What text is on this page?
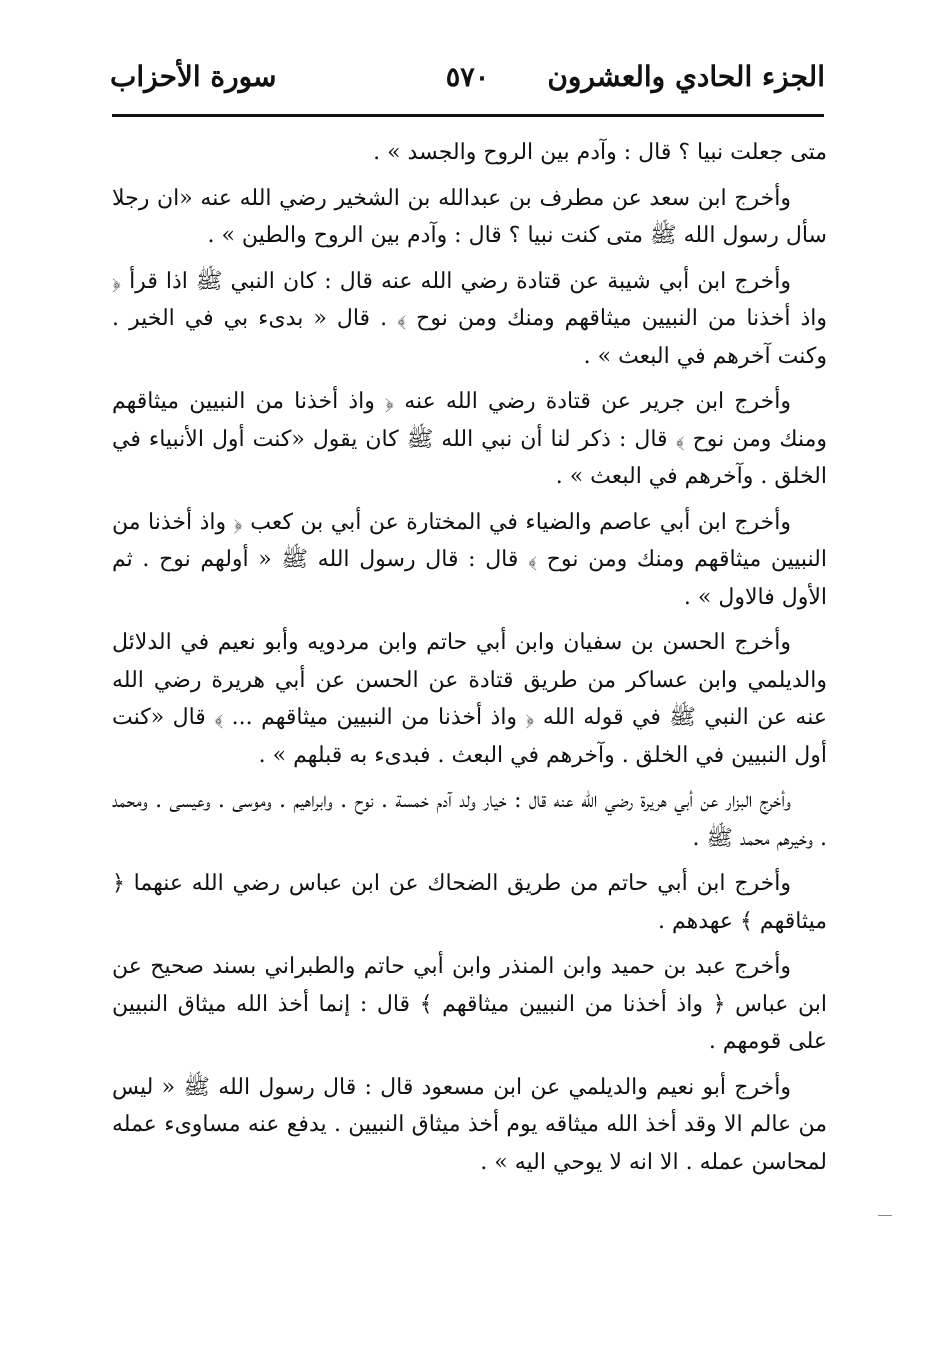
الجزء الحادي والعشرون
٥٧٠
سورة الأحزاب

متى جعلت نبيا ؟ قال : وآدم بين الروح والجسد » .

وأخرج ابن سعد عن مطرف بن عبدالله بن الشخير رضي الله عنه «ان رجلا سأل رسول الله ﷺ متى كنت نبيا ؟ قال : وآدم بين الروح والطين » .

وأخرج ابن أبي شيبة عن قتادة رضي الله عنه قال : كان النبي ﷺ اذا قرأ ﴿ واذ أخذنا من النبيين ميثاقهم ومنك ومن نوح ﴾ . قال « بدىء بي في الخير . وكنت آخرهم في البعث » .

وأخرج ابن جرير عن قتادة رضي الله عنه ﴿ واذ أخذنا من النبيين ميثاقهم ومنك ومن نوح ﴾ قال : ذكر لنا أن نبي الله ﷺ كان يقول «كنت أول الأنبياء في الخلق . وآخرهم في البعث » .

وأخرج ابن أبي عاصم والضياء في المختارة عن أبي بن كعب ﴿ واذ أخذنا من النبيين ميثاقهم ومنك ومن نوح ﴾ قال : قال رسول الله ﷺ « أولهم نوح . ثم الأول فالاول » .

وأخرج الحسن بن سفيان وابن أبي حاتم وابن مردويه وأبو نعيم في الدلائل والديلمي وابن عساكر من طريق قتادة عن الحسن عن أبي هريرة رضي الله عنه عن النبي ﷺ في قوله الله ﴿ واذ أخذنا من النبيين ميثاقهم ... ﴾ قال «كنت أول النبيين في الخلق . وآخرهم في البعث . فبدىء به قبلهم » .

وأخرج البزار عن أبي هريرة رضي الله عنه قال : خيار ولد آدم خمسة . نوح . وابراهيم . وموسى . وعيسى . ومحمد . وخيرهم محمد ﷺ .

وأخرج ابن أبي حاتم من طريق الضحاك عن ابن عباس رضي الله عنهما ﴿ ميثاقهم ﴾ عهدهم .

وأخرج عبد بن حميد وابن المنذر وابن أبي حاتم والطبراني بسند صحيح عن ابن عباس ﴿ واذ أخذنا من النبيين ميثاقهم ﴾ قال : إنما أخذ الله ميثاق النبيين على قومهم .

وأخرج أبو نعيم والديلمي عن ابن مسعود قال : قال رسول الله ﷺ « ليس من عالم الا وقد أخذ الله ميثاقه يوم أخذ ميثاق النبيين . يدفع عنه مساوىء عمله لمحاسن عمله . الا انه لا يوحي اليه » .
